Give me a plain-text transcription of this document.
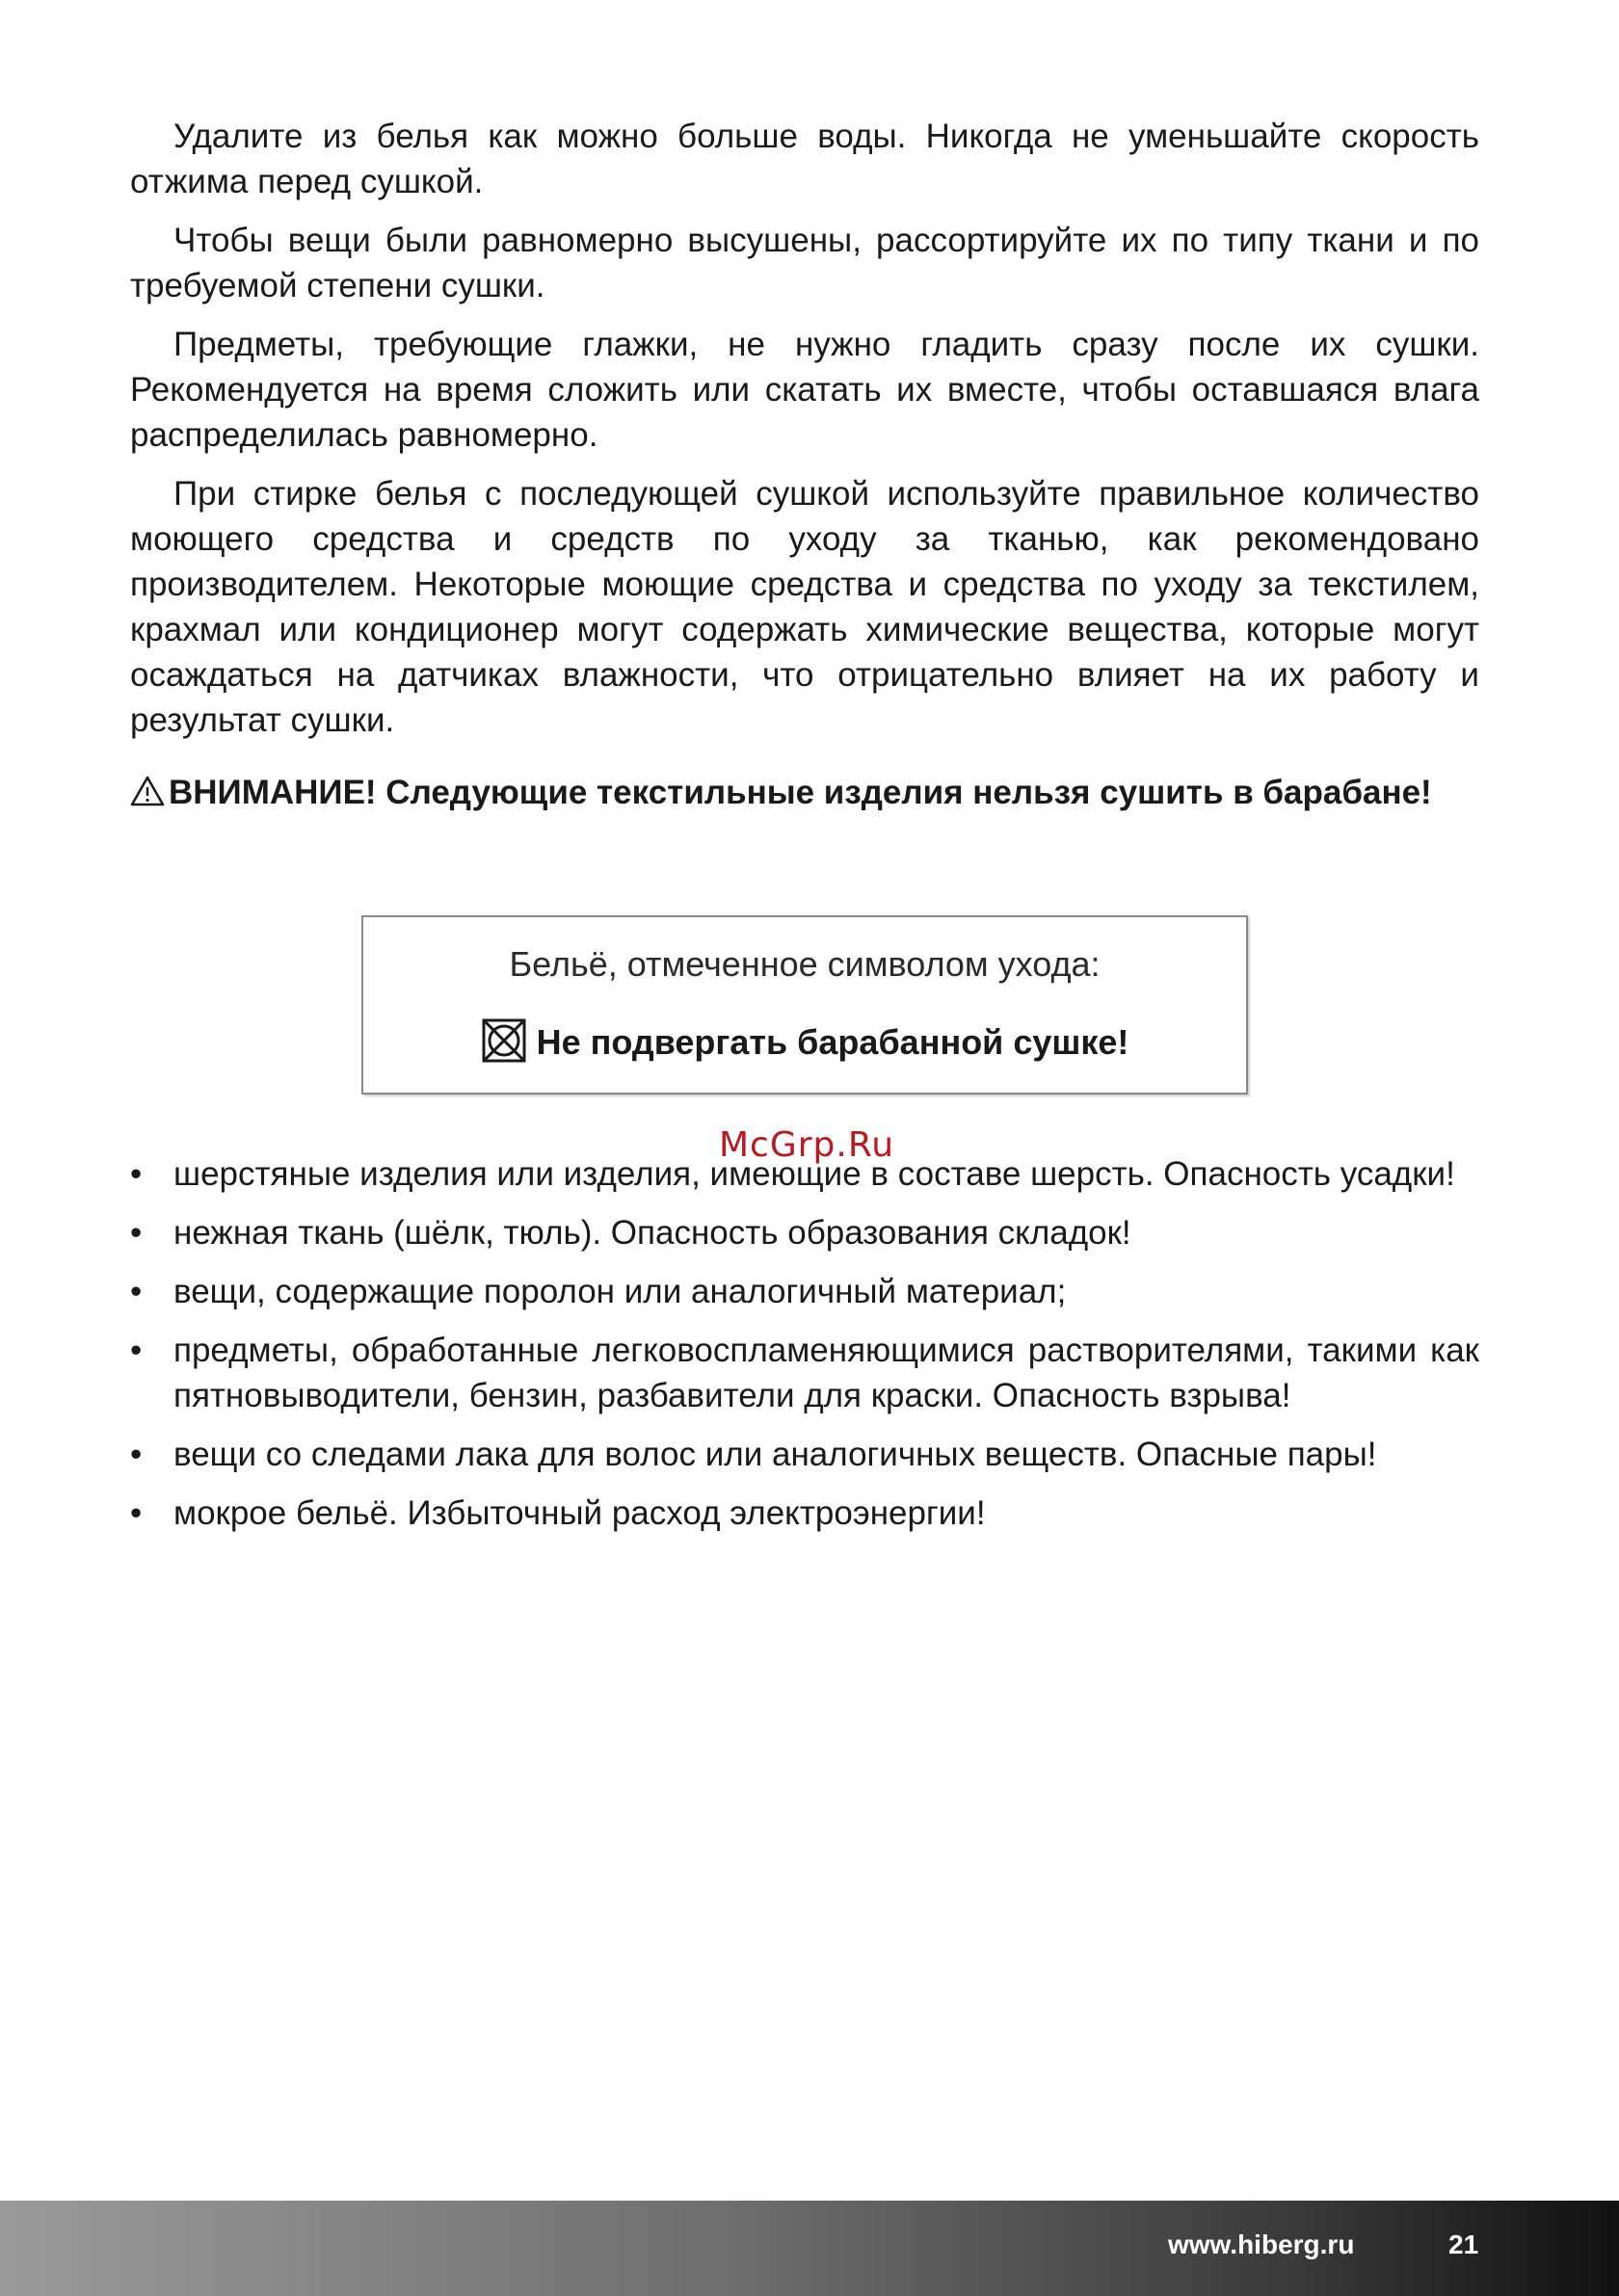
Удалите из белья как можно больше воды. Никогда не уменьшайте скорость отжима перед сушкой.

Чтобы вещи были равномерно высушены, рассортируйте их по типу ткани и по требуемой степени сушки.

Предметы, требующие глажки, не нужно гладить сразу после их сушки. Рекомендуется на время сложить или скатать их вместе, чтобы оставшаяся влага распределилась равномерно.

При стирке белья с последующей сушкой используйте правильное количество моющего средства и средств по уходу за тканью, как рекомендовано производителем. Некоторые моющие средства и средства по уходу за текстилем, крахмал или кондиционер могут содержать химические вещества, которые могут осаждаться на датчиках влажности, что отрицательно влияет на их работу и результат сушки.

ВНИМАНИЕ! Следующие текстильные изделия нельзя сушить в барабане!

Бельё, отмеченное символом ухода:
Не подвергать барабанной сушке!
McGrp.Ru
• шерстяные изделия или изделия, имеющие в составе шерсть. Опасность усадки!
• нежная ткань (шёлк, тюль). Опасность образования складок!
• вещи, содержащие поролон или аналогичный материал;
• предметы, обработанные легковоспламеняющимися растворителями, такими как пятновыводители, бензин, разбавители для краски. Опасность взрыва!
• вещи со следами лака для волос или аналогичных веществ. Опасные пары!
• мокрое бельё. Избыточный расход электроэнергии!
www.hiberg.ru	21
